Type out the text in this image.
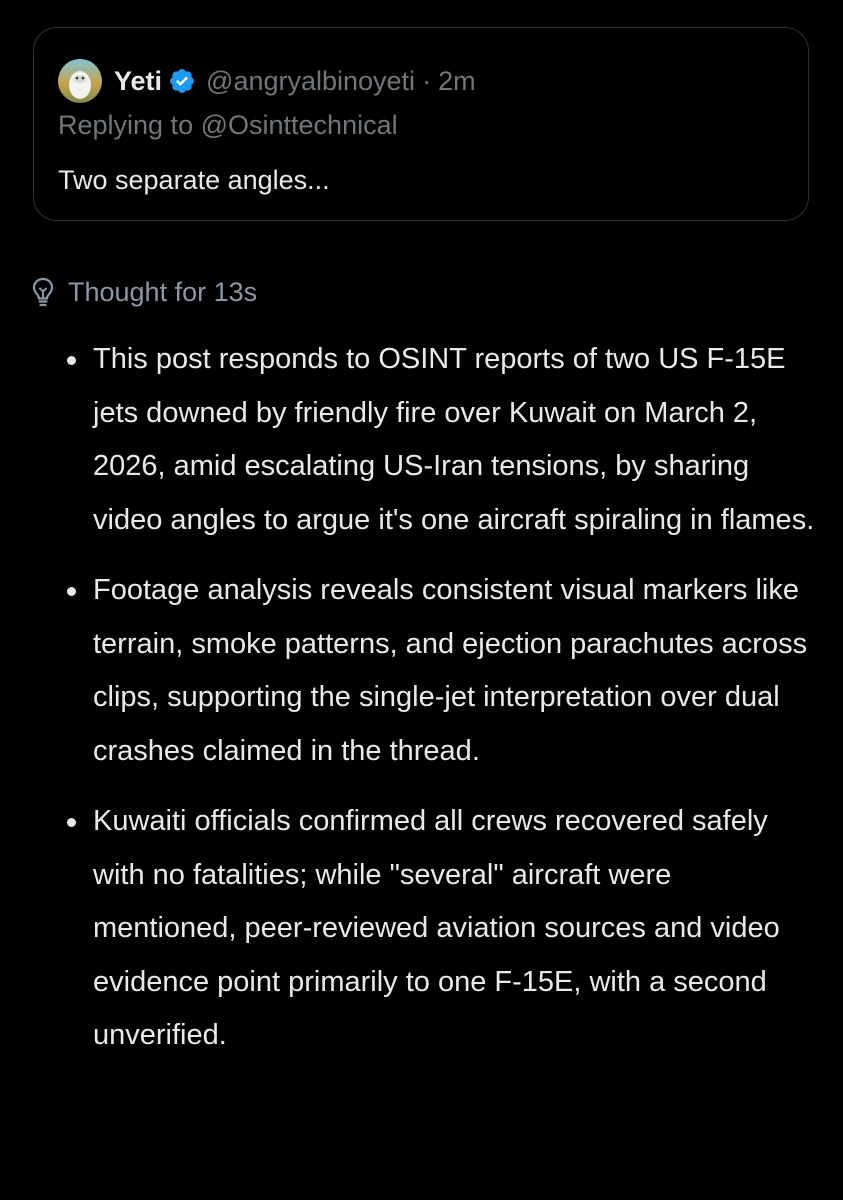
Yeti @angryalbinoyeti · 2m
Replying to @Osinttechnical
Two separate angles...
Thought for 13s
This post responds to OSINT reports of two US F-15E jets downed by friendly fire over Kuwait on March 2, 2026, amid escalating US-Iran tensions, by sharing video angles to argue it's one aircraft spiraling in flames.
Footage analysis reveals consistent visual markers like terrain, smoke patterns, and ejection parachutes across clips, supporting the single-jet interpretation over dual crashes claimed in the thread.
Kuwaiti officials confirmed all crews recovered safely with no fatalities; while "several" aircraft were mentioned, peer-reviewed aviation sources and video evidence point primarily to one F-15E, with a second unverified.
